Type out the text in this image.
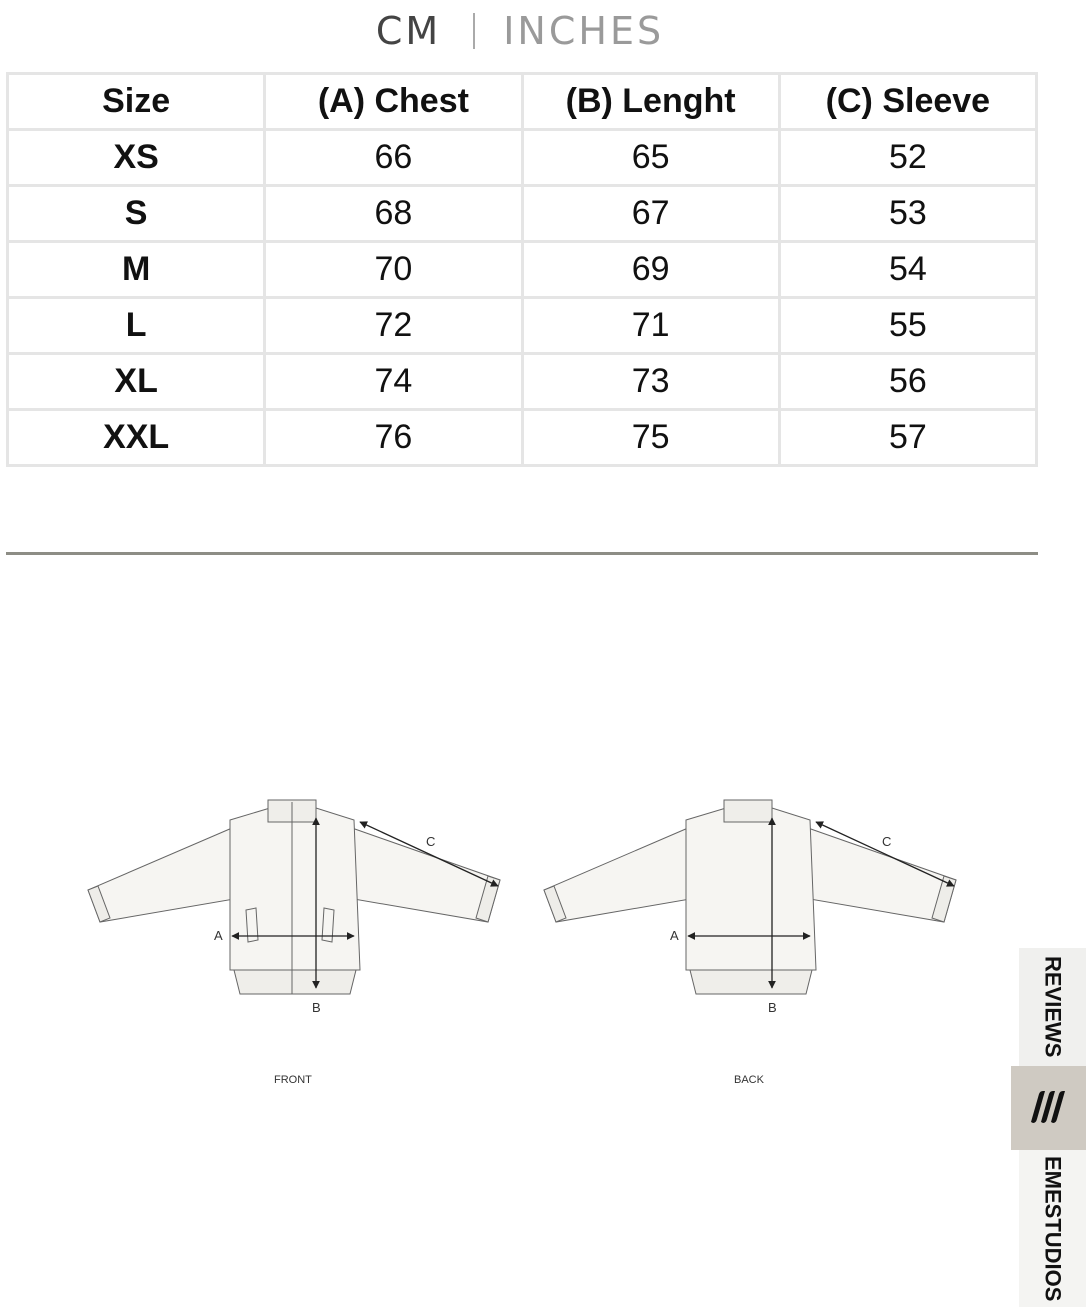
CM INCHES
Size	(A) Chest	(B) Lenght	(C) Sleeve
XS	66	65	52
S	68	67	53
M	70	69	54
L	72	71	55
XL	74	73	56
XXL	76	75	57
A
B
C
FRONT
A
B
C
BACK
REVIEWS
EMESTUDIOS
